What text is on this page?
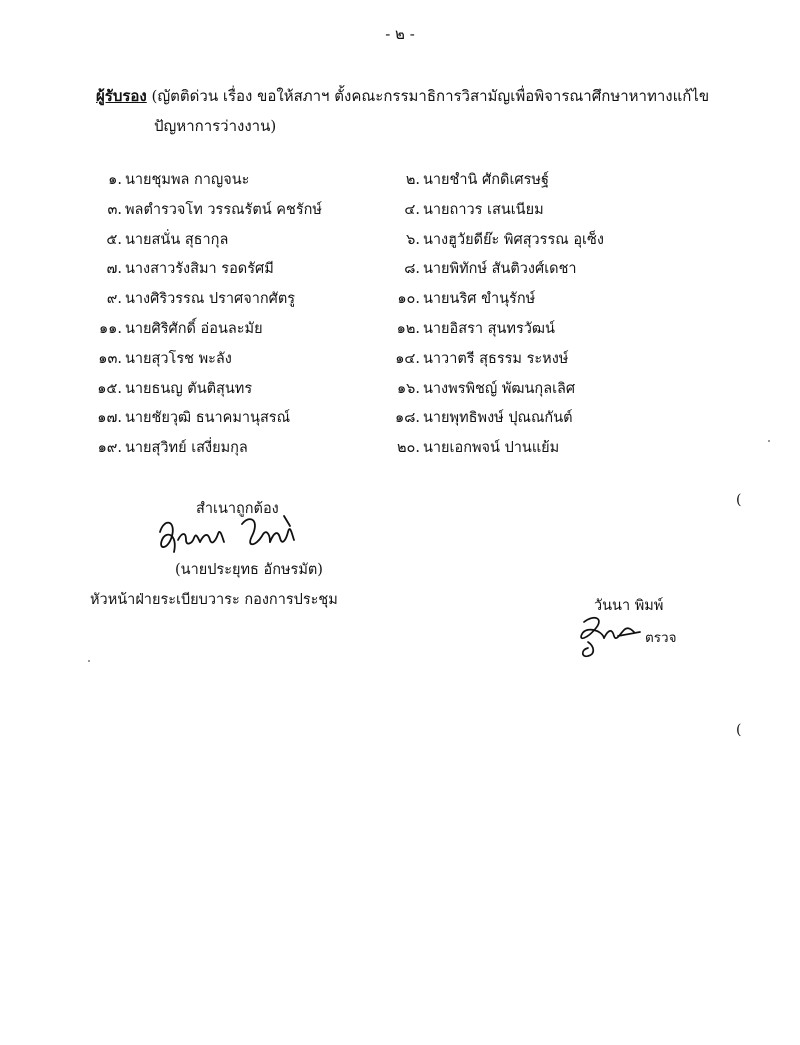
- ๒ -
ผู้รับรอง (ญัตติด่วน เรื่อง ขอให้สภาฯ ตั้งคณะกรรมาธิการวิสามัญเพื่อพิจารณาศึกษาหาทางแก้ไข
ปัญหาการว่างงาน)
๑. นายชุมพล กาญจนะ
๓. พลตำรวจโท วรรณรัตน์ คชรักษ์
๕. นายสนั่น สุธากุล
๗. นางสาวรังสิมา รอดรัศมี
๙. นางศิริวรรณ ปราศจากศัตรู
๑๑. นายศิริศักดิ์ อ่อนละมัย
๑๓. นายสุวโรช พะลัง
๑๕. นายธนญ ตันติสุนทร
๑๗. นายชัยวุฒิ ธนาคมานุสรณ์
๑๙. นายสุวิทย์ เสงี่ยมกุล
๒. นายชำนิ ศักดิเศรษฐ์
๔. นายถาวร เสนเนียม
๖. นางฮูวัยดีย๊ะ พิศสุวรรณ อุเซ็ง
๘. นายพิทักษ์ สันติวงศ์เดชา
๑๐. นายนริศ ขำนุรักษ์
๑๒. นายอิสรา สุนทรวัฒน์
๑๔. นาวาตรี สุธรรม ระหงษ์
๑๖. นางพรพิชญ์ พัฒนกุลเลิศ
๑๘. นายพุทธิพงษ์ ปุณณกันต์
๒๐. นายเอกพจน์ ปานแย้ม
สำเนาถูกต้อง
(นายประยุทธ อักษรมัต)
หัวหน้าฝ่ายระเบียบวาระ กองการประชุม	วันนา พิมพ์
ตรวจ
(
(
